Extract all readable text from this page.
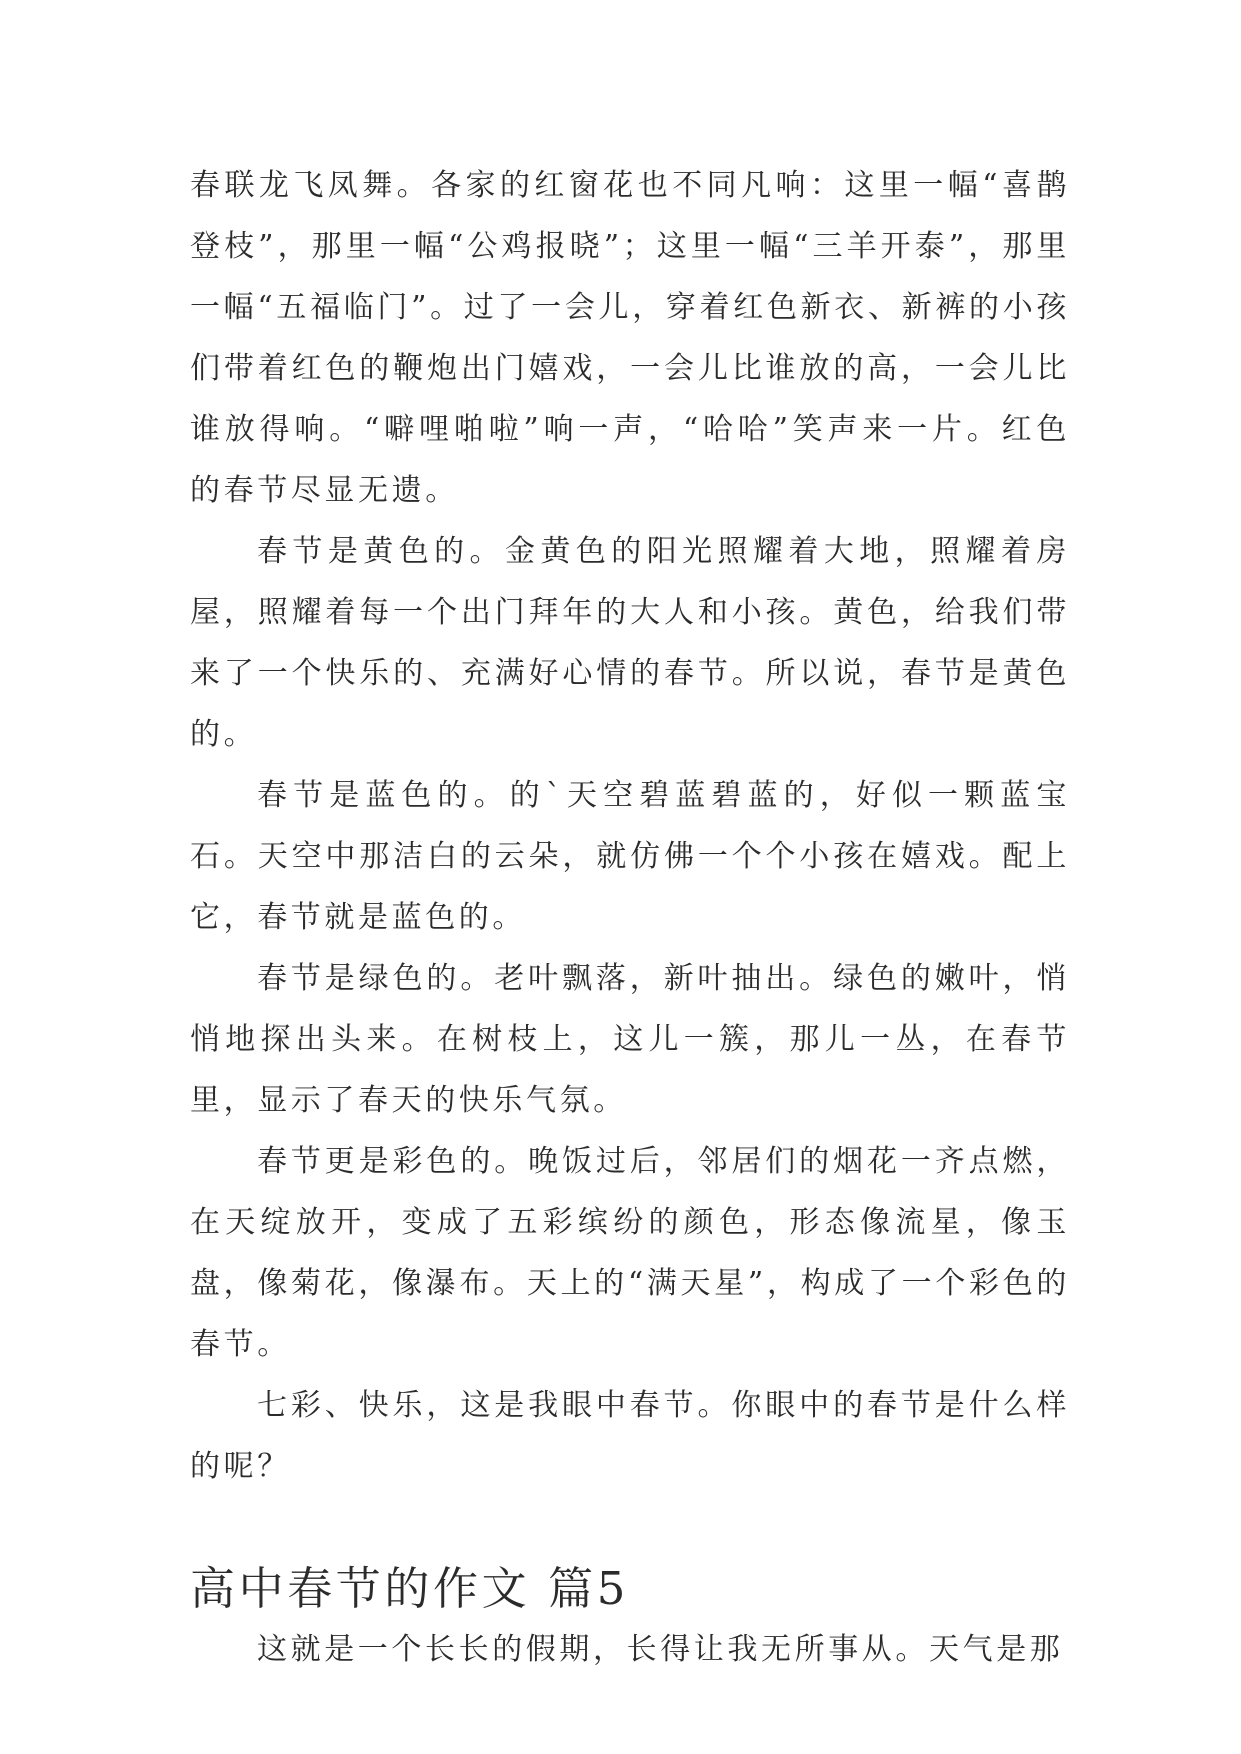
春联龙飞凤舞。各家的红窗花也不同凡响：这里一幅“喜鹊登枝”，那里一幅“公鸡报晓”；这里一幅“三羊开泰”，那里一幅“五福临门”。过了一会儿，穿着红色新衣、新裤的小孩们带着红色的鞭炮出门嬉戏，一会儿比谁放的高，一会儿比谁放得响。“噼哩啪啦”响一声，“哈哈”笑声来一片。红色的春节尽显无遗。

春节是黄色的。金黄色的阳光照耀着大地，照耀着房屋，照耀着每一个出门拜年的大人和小孩。黄色，给我们带来了一个快乐的、充满好心情的春节。所以说，春节是黄色的。

春节是蓝色的。的`天空碧蓝碧蓝的，好似一颗蓝宝石。天空中那洁白的云朵，就仿佛一个个小孩在嬉戏。配上它，春节就是蓝色的。

春节是绿色的。老叶飘落，新叶抽出。绿色的嫩叶，悄悄地探出头来。在树枝上，这儿一簇，那儿一丛，在春节里，显示了春天的快乐气氛。

春节更是彩色的。晚饭过后，邻居们的烟花一齐点燃，在天绽放开，变成了五彩缤纷的颜色，形态像流星，像玉盘，像菊花，像瀑布。天上的“满天星”，构成了一个彩色的春节。

七彩、快乐，这是我眼中春节。你眼中的春节是什么样的呢？

高中春节的作文 篇5

这就是一个长长的假期，长得让我无所事从。天气是那
